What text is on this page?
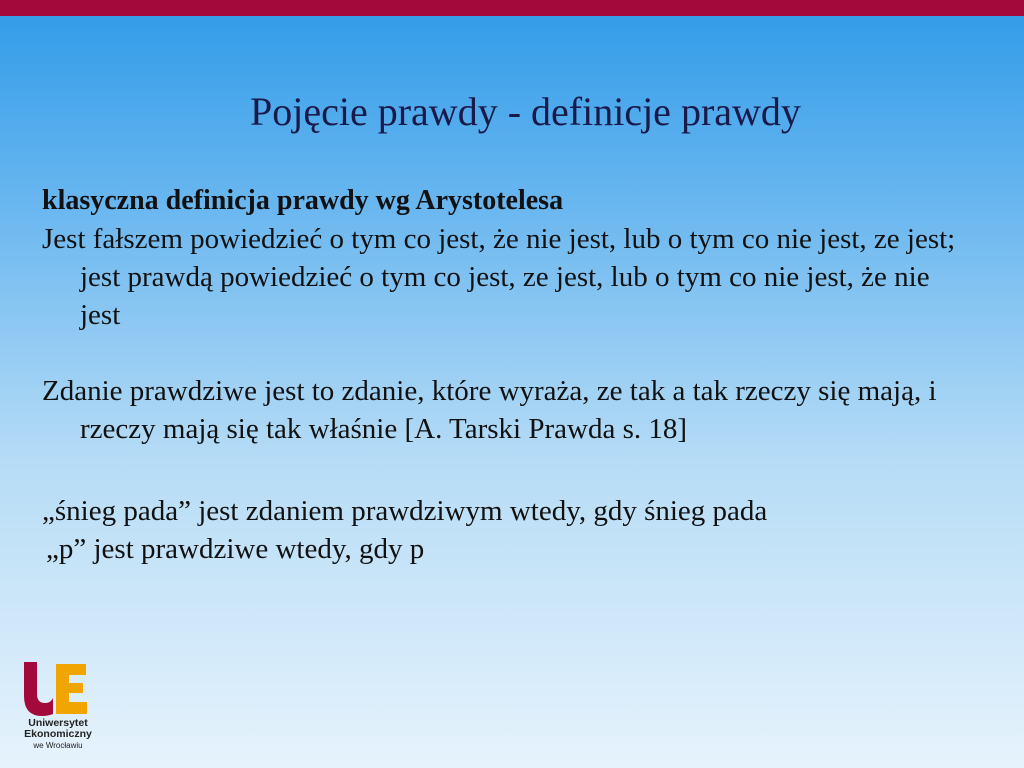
Pojęcie prawdy - definicje prawdy

klasyczna definicja prawdy wg Arystotelesa

Jest fałszem powiedzieć o tym co jest, że nie jest, lub o tym co nie jest, ze jest; jest prawdą powiedzieć o tym co jest, ze jest, lub o tym co nie jest, że nie jest

Zdanie prawdziwe jest to zdanie, które wyraża, ze tak a tak rzeczy się mają, i rzeczy mają się tak właśnie [A. Tarski Prawda s. 18]

„śnieg pada” jest zdaniem prawdziwym wtedy, gdy śnieg pada

„p” jest prawdziwe wtedy, gdy p

Uniwersytet
Ekonomiczny
we Wrocławiu
